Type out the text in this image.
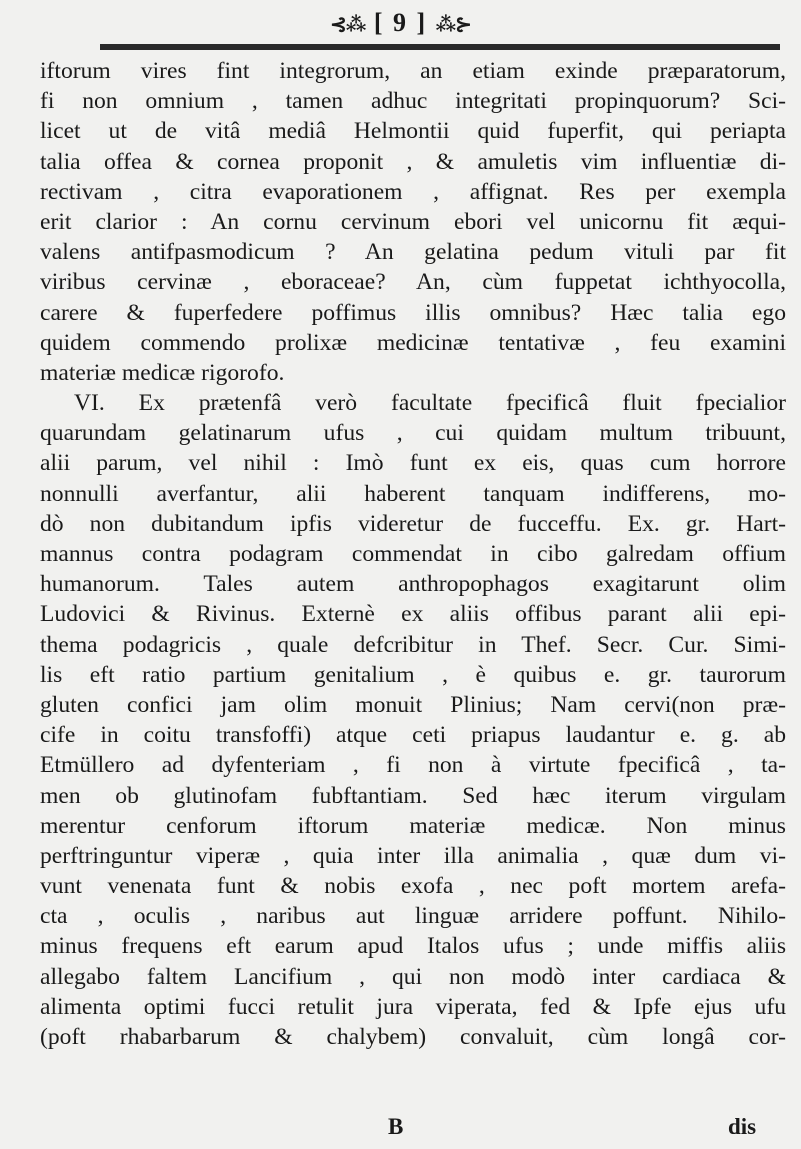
⊰⁂ [ 9 ] ⁂⊱
iftorum vires fint integrorum, an etiam exinde præparatorum,
fi non omnium , tamen adhuc integritati propinquorum? Sci-
licet ut de vitâ mediâ Helmontii quid fuperfit, qui periapta
talia offea & cornea proponit , & amuletis vim influentiæ di-
rectivam , citra evaporationem , affignat. Res per exempla
erit clarior : An cornu cervinum ebori vel unicornu fit æqui-
valens antifpasmodicum ? An gelatina pedum vituli par fit
viribus cervinæ , eboraceae? An, cùm fuppetat ichthyocolla,
carere & fuperfedere poffimus illis omnibus? Hæc talia ego
quidem commendo prolixæ medicinæ tentativæ , feu examini
materiæ medicæ rigorofo.
VI. Ex prætenfâ verò facultate fpecificâ fluit fpecialior
quarundam gelatinarum ufus , cui quidam multum tribuunt,
alii parum, vel nihil : Imò funt ex eis, quas cum horrore
nonnulli averfantur, alii haberent tanquam indifferens, mo-
dò non dubitandum ipfis videretur de fucceffu. Ex. gr. Hart-
mannus contra podagram commendat in cibo galredam offium
humanorum. Tales autem anthropophagos exagitarunt olim
Ludovici & Rivinus. Externè ex aliis offibus parant alii epi-
thema podagricis , quale defcribitur in Thef. Secr. Cur. Simi-
lis eft ratio partium genitalium , è quibus e. gr. taurorum
gluten confici jam olim monuit Plinius; Nam cervi(non præ-
cife in coitu transfoffi) atque ceti priapus laudantur e. g. ab
Etmüllero ad dyfenteriam , fi non à virtute fpecificâ , ta-
men ob glutinofam fubftantiam. Sed hæc iterum virgulam
merentur cenforum iftorum materiæ medicæ. Non minus
perftringuntur viperæ , quia inter illa animalia , quæ dum vi-
vunt venenata funt & nobis exofa , nec poft mortem arefa-
cta , oculis , naribus aut linguæ arridere poffunt. Nihilo-
minus frequens eft earum apud Italos ufus ; unde miffis aliis
allegabo faltem Lancifium , qui non modò inter cardiaca &
alimenta optimi fucci retulit jura viperata, fed & Ipfe ejus ufu
(poft rhabarbarum & chalybem) convaluit, cùm longâ cor-
B	dis
